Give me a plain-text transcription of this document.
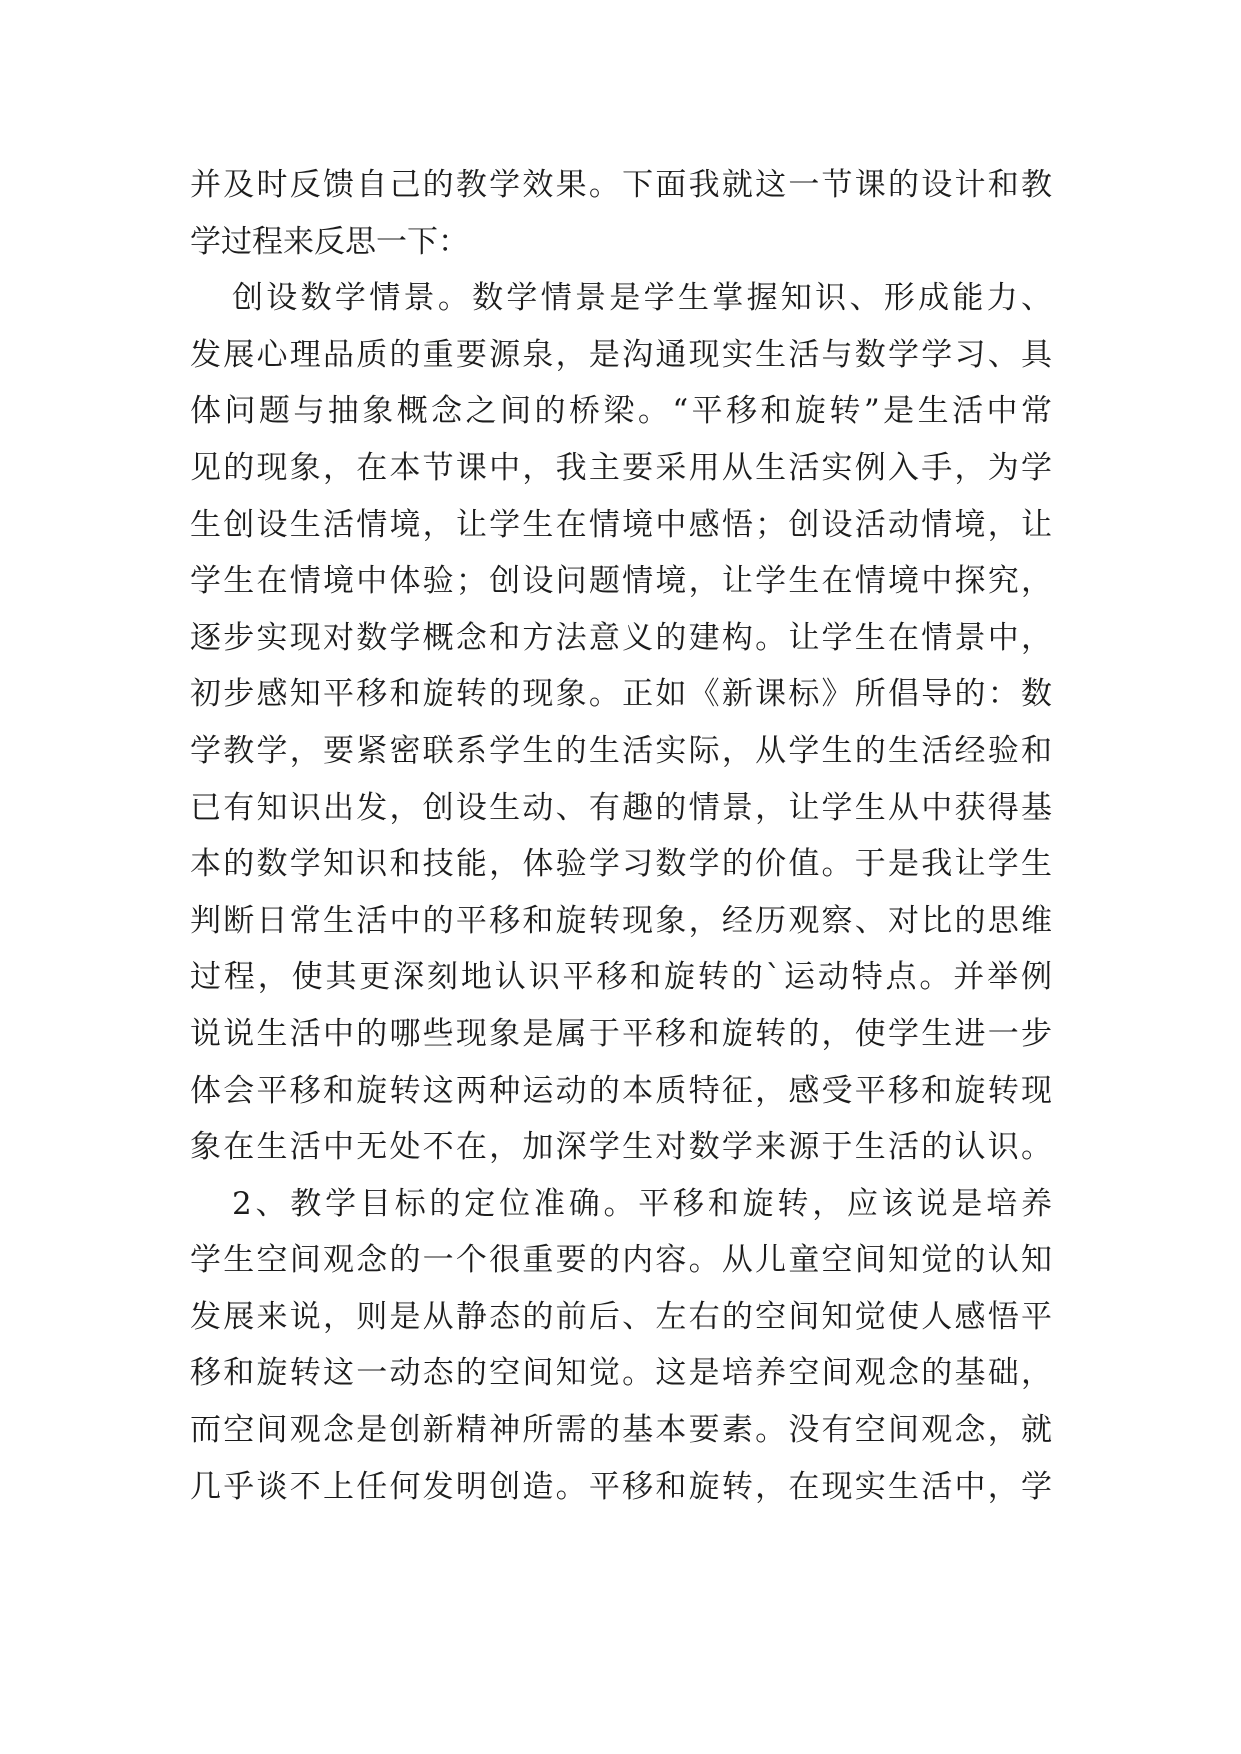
并及时反馈自己的教学效果。下面我就这一节课的设计和教
学过程来反思一下：
创设数学情景。数学情景是学生掌握知识、形成能力、
发展心理品质的重要源泉，是沟通现实生活与数学学习、具
体问题与抽象概念之间的桥梁。“平移和旋转”是生活中常
见的现象，在本节课中，我主要采用从生活实例入手，为学
生创设生活情境，让学生在情境中感悟；创设活动情境，让
学生在情境中体验；创设问题情境，让学生在情境中探究，
逐步实现对数学概念和方法意义的建构。让学生在情景中，
初步感知平移和旋转的现象。正如《新课标》所倡导的：数
学教学，要紧密联系学生的生活实际，从学生的生活经验和
已有知识出发，创设生动、有趣的情景，让学生从中获得基
本的数学知识和技能，体验学习数学的价值。于是我让学生
判断日常生活中的平移和旋转现象，经历观察、对比的思维
过程，使其更深刻地认识平移和旋转的`运动特点。并举例
说说生活中的哪些现象是属于平移和旋转的，使学生进一步
体会平移和旋转这两种运动的本质特征，感受平移和旋转现
象在生活中无处不在，加深学生对数学来源于生活的认识。
2、教学目标的定位准确。平移和旋转，应该说是培养
学生空间观念的一个很重要的内容。从儿童空间知觉的认知
发展来说，则是从静态的前后、左右的空间知觉使人感悟平
移和旋转这一动态的空间知觉。这是培养空间观念的基础，
而空间观念是创新精神所需的基本要素。没有空间观念，就
几乎谈不上任何发明创造。平移和旋转，在现实生活中，学
